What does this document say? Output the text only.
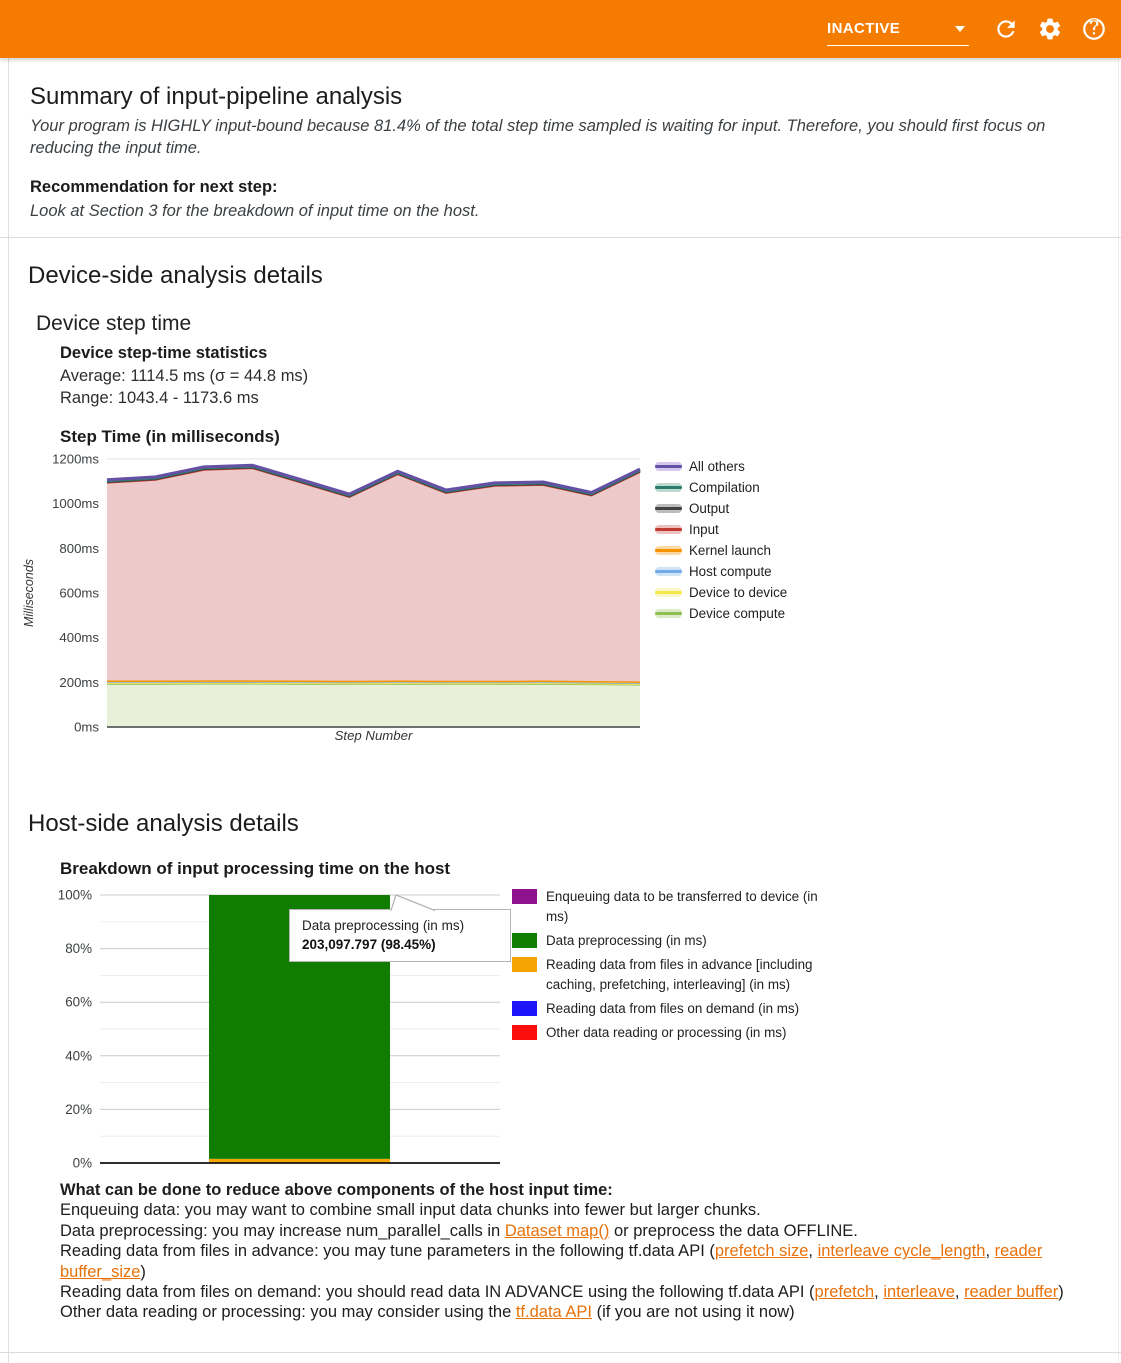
INACTIVE
Summary of input-pipeline analysis
Your program is HIGHLY input-bound because 81.4% of the total step time sampled is waiting for input. Therefore, you should first focus on reducing the input time.
Recommendation for next step:
Look at Section 3 for the breakdown of input time on the host.
Device-side analysis details
Device step time
Device step-time statistics
Average: 1114.5 ms (σ = 44.8 ms)
Range: 1043.4 - 1173.6 ms
Step Time (in milliseconds)
0ms
200ms
400ms
600ms
800ms
1000ms
1200ms
Step Number
Milliseconds
All others
Compilation
Output
Input
Kernel launch
Host compute
Device to device
Device compute
Host-side analysis details
Breakdown of input processing time on the host
0%
20%
40%
60%
80%
100%	Enqueuing data to be transferred to device (in ms)
Data preprocessing (in ms)
Reading data from files in advance [including caching, prefetching, interleaving] (in ms)
Reading data from files on demand (in ms)
Other data reading or processing (in ms)
Data preprocessing (in ms)
203,097.797 (98.45%)
What can be done to reduce above components of the host input time:
Enqueuing data: you may want to combine small input data chunks into fewer but larger chunks.
Data preprocessing: you may increase num_parallel_calls in Dataset map() or preprocess the data OFFLINE.
Reading data from files in advance: you may tune parameters in the following tf.data API (prefetch size, interleave cycle_length, reader buffer_size)
Reading data from files on demand: you should read data IN ADVANCE using the following tf.data API (prefetch, interleave, reader buffer)
Other data reading or processing: you may consider using the tf.data API (if you are not using it now)
